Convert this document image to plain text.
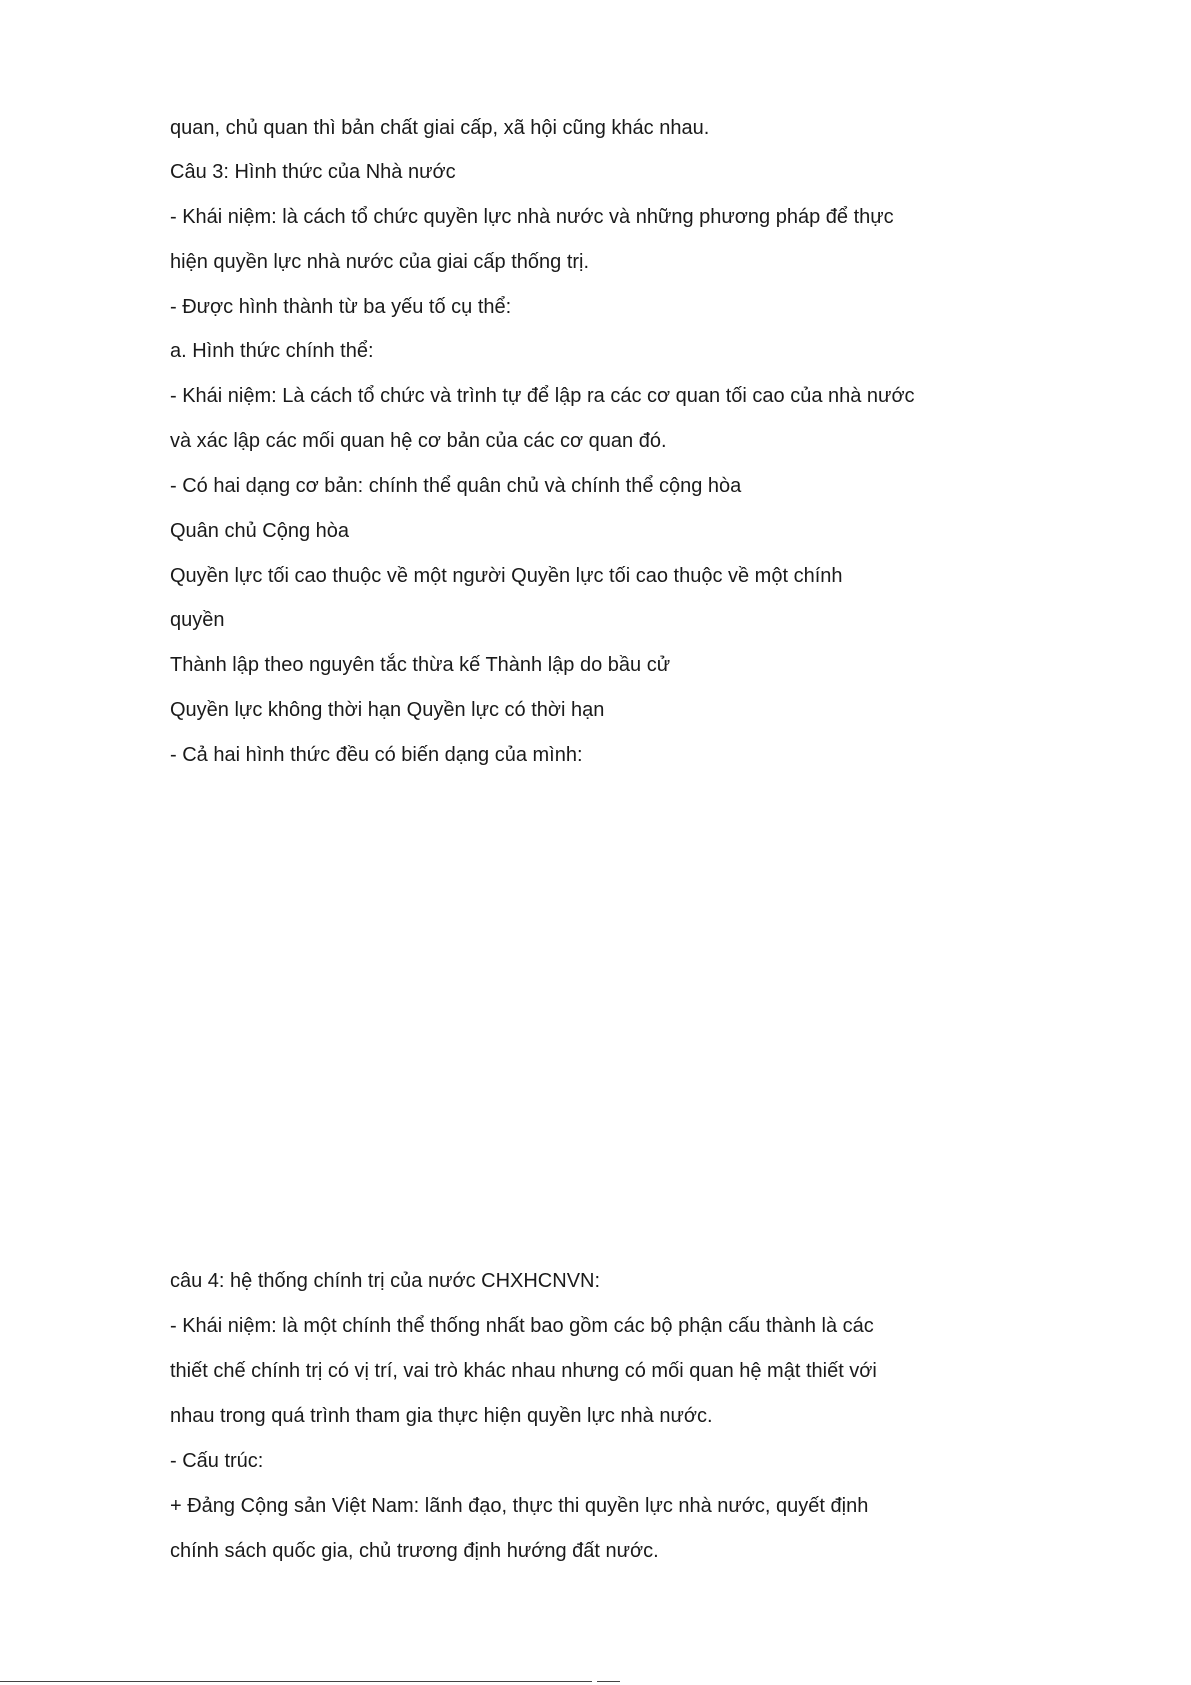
quan, chủ quan thì bản chất giai cấp, xã hội cũng khác nhau.
Câu 3: Hình thức của Nhà nước
- Khái niệm: là cách tổ chức quyền lực nhà nước và những phương pháp để thực
hiện quyền lực nhà nước của giai cấp thống trị.
- Được hình thành từ ba yếu tố cụ thể:
a. Hình thức chính thể:
- Khái niệm: Là cách tổ chức và trình tự để lập ra các cơ quan tối cao của nhà nước
và xác lập các mối quan hệ cơ bản của các cơ quan đó.
- Có hai dạng cơ bản: chính thể quân chủ và chính thể cộng hòa
Quân chủ Cộng hòa
Quyền lực tối cao thuộc về một người Quyền lực tối cao thuộc về một chính
quyền
Thành lập theo nguyên tắc thừa kế Thành lập do bầu cử
Quyền lực không thời hạn Quyền lực có thời hạn
- Cả hai hình thức đều có biến dạng của mình:
câu 4: hệ thống chính trị của nước CHXHCNVN:
- Khái niệm: là một chính thể thống nhất bao gồm các bộ phận cấu thành là các
thiết chế chính trị có vị trí, vai trò khác nhau nhưng có mối quan hệ mật thiết với
nhau trong quá trình tham gia thực hiện quyền lực nhà nước.
- Cấu trúc:
+ Đảng Cộng sản Việt Nam: lãnh đạo, thực thi quyền lực nhà nước, quyết định
chính sách quốc gia, chủ trương định hướng đất nước.
